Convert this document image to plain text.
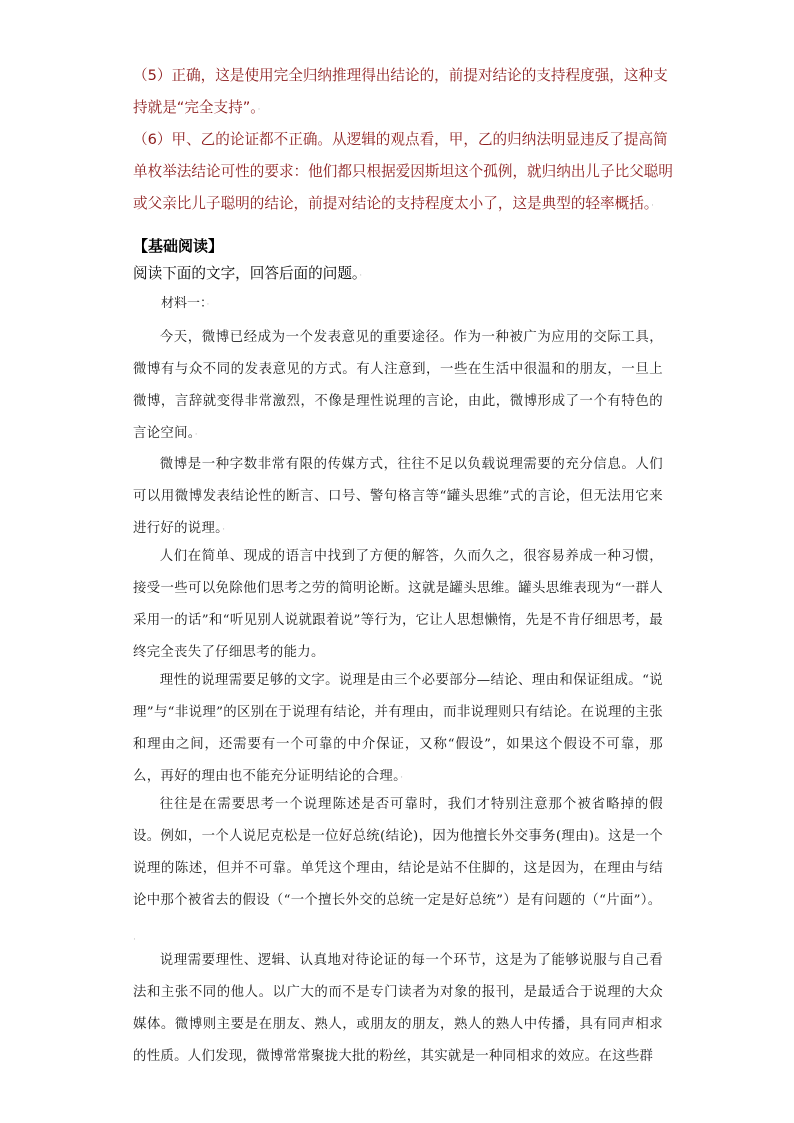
（5）正确，这是使用完全归纳推理得出结论的，前提对结论的支持程度强，这种支持就是“完全支持”。·

（6）甲、乙的论证都不正确。从逻辑的观点看，甲，乙的归纳法明显违反了提高简单枚举法结论可性的要求：他们都只根据爱因斯坦这个孤例，就归纳出儿子比父聪明或父亲比儿子聪明的结论，前提对结论的支持程度太小了，这是典型的轻率概括。·

【基础阅读】

阅读下面的文字，回答后面的问题。·

材料一：·

今天，微博已经成为一个发表意见的重要途径。作为一种被广为应用的交际工具，微博有与众不同的发表意见的方式。有人注意到，一些在生活中很温和的朋友，一旦上微博，言辞就变得非常激烈，不像是理性说理的言论，由此，微博形成了一个有特色的言论空间。·

微博是一种字数非常有限的传媒方式，往往不足以负载说理需要的充分信息。人们可以用微博发表结论性的断言、口号、警句格言等“罐头思维”式的言论，但无法用它来进行好的说理。·

人们在简单、现成的语言中找到了方便的解答，久而久之，很容易养成一种习惯，接受一些可以免除他们思考之劳的简明论断。这就是罐头思维。罐头思维表现为“一群人采用一的话”和“听见别人说就跟着说”等行为，它让人思想懒惰，先是不肯仔细思考，最终完全丧失了仔细思考的能力。

理性的说理需要足够的文字。说理是由三个必要部分—结论、理由和保证组成。“说理”与“非说理”的区别在于说理有结论，并有理由，而非说理则只有结论。在说理的主张和理由之间，还需要有一个可靠的中介保证，又称“假设”，如果这个假设不可靠，那么，再好的理由也不能充分证明结论的合理。·

往往是在需要思考一个说理陈述是否可靠时，我们才特别注意那个被省略掉的假设。例如，一个人说尼克松是一位好总统(结论)，因为他擅长外交事务(理由)。这是一个说理的陈述，但并不可靠。单凭这个理由，结论是站不住脚的，这是因为，在理由与结论中那个被省去的假设（“一个擅长外交的总统一定是好总统”）是有问题的（“片面”）。

·

说理需要理性、逻辑、认真地对待论证的每一个环节，这是为了能够说服与自己看法和主张不同的他人。以广大的而不是专门读者为对象的报刊，是最适合于说理的大众媒体。微博则主要是在朋友、熟人，或朋友的朋友，熟人的熟人中传播，具有同声相求的性质。人们发现，微博常常聚拢大批的粉丝，其实就是一种同相求的效应。在这些群
